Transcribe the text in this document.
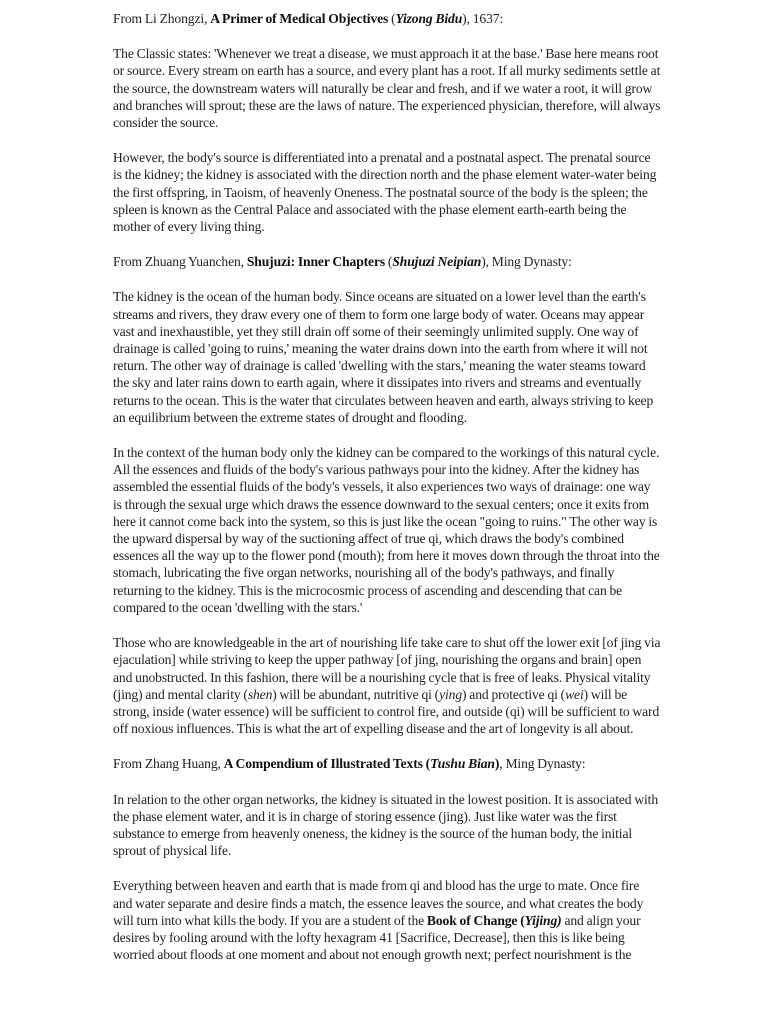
From Li Zhongzi, A Primer of Medical Objectives (Yizong Bidu), 1637:

The Classic states: 'Whenever we treat a disease, we must approach it at the base.' Base here means root or source. Every stream on earth has a source, and every plant has a root. If all murky sediments settle at the source, the downstream waters will naturally be clear and fresh, and if we water a root, it will grow and branches will sprout; these are the laws of nature. The experienced physician, therefore, will always consider the source.

However, the body's source is differentiated into a prenatal and a postnatal aspect. The prenatal source is the kidney; the kidney is associated with the direction north and the phase element water-water being the first offspring, in Taoism, of heavenly Oneness. The postnatal source of the body is the spleen; the spleen is known as the Central Palace and associated with the phase element earth-earth being the mother of every living thing.

From Zhuang Yuanchen, Shujuzi: Inner Chapters (Shujuzi Neipian), Ming Dynasty:

The kidney is the ocean of the human body. Since oceans are situated on a lower level than the earth's streams and rivers, they draw every one of them to form one large body of water. Oceans may appear vast and inexhaustible, yet they still drain off some of their seemingly unlimited supply. One way of drainage is called 'going to ruins,' meaning the water drains down into the earth from where it will not return. The other way of drainage is called 'dwelling with the stars,' meaning the water steams toward the sky and later rains down to earth again, where it dissipates into rivers and streams and eventually returns to the ocean. This is the water that circulates between heaven and earth, always striving to keep an equilibrium between the extreme states of drought and flooding.

In the context of the human body only the kidney can be compared to the workings of this natural cycle. All the essences and fluids of the body's various pathways pour into the kidney. After the kidney has assembled the essential fluids of the body's vessels, it also experiences two ways of drainage: one way is through the sexual urge which draws the essence downward to the sexual centers; once it exits from here it cannot come back into the system, so this is just like the ocean "going to ruins." The other way is the upward dispersal by way of the suctioning affect of true qi, which draws the body's combined essences all the way up to the flower pond (mouth); from here it moves down through the throat into the stomach, lubricating the five organ networks, nourishing all of the body's pathways, and finally returning to the kidney. This is the microcosmic process of ascending and descending that can be compared to the ocean 'dwelling with the stars.'

Those who are knowledgeable in the art of nourishing life take care to shut off the lower exit [of jing via ejaculation] while striving to keep the upper pathway [of jing, nourishing the organs and brain] open and unobstructed. In this fashion, there will be a nourishing cycle that is free of leaks. Physical vitality (jing) and mental clarity (shen) will be abundant, nutritive qi (ying) and protective qi (wei) will be strong, inside (water essence) will be sufficient to control fire, and outside (qi) will be sufficient to ward off noxious influences. This is what the art of expelling disease and the art of longevity is all about.

From Zhang Huang, A Compendium of Illustrated Texts (Tushu Bian), Ming Dynasty:

In relation to the other organ networks, the kidney is situated in the lowest position. It is associated with the phase element water, and it is in charge of storing essence (jing). Just like water was the first substance to emerge from heavenly oneness, the kidney is the source of the human body, the initial sprout of physical life.

Everything between heaven and earth that is made from qi and blood has the urge to mate. Once fire and water separate and desire finds a match, the essence leaves the source, and what creates the body will turn into what kills the body. If you are a student of the Book of Change (Yijing) and align your desires by fooling around with the lofty hexagram 41 [Sacrifice, Decrease], then this is like being worried about floods at one moment and about not enough growth next; perfect nourishment is the
